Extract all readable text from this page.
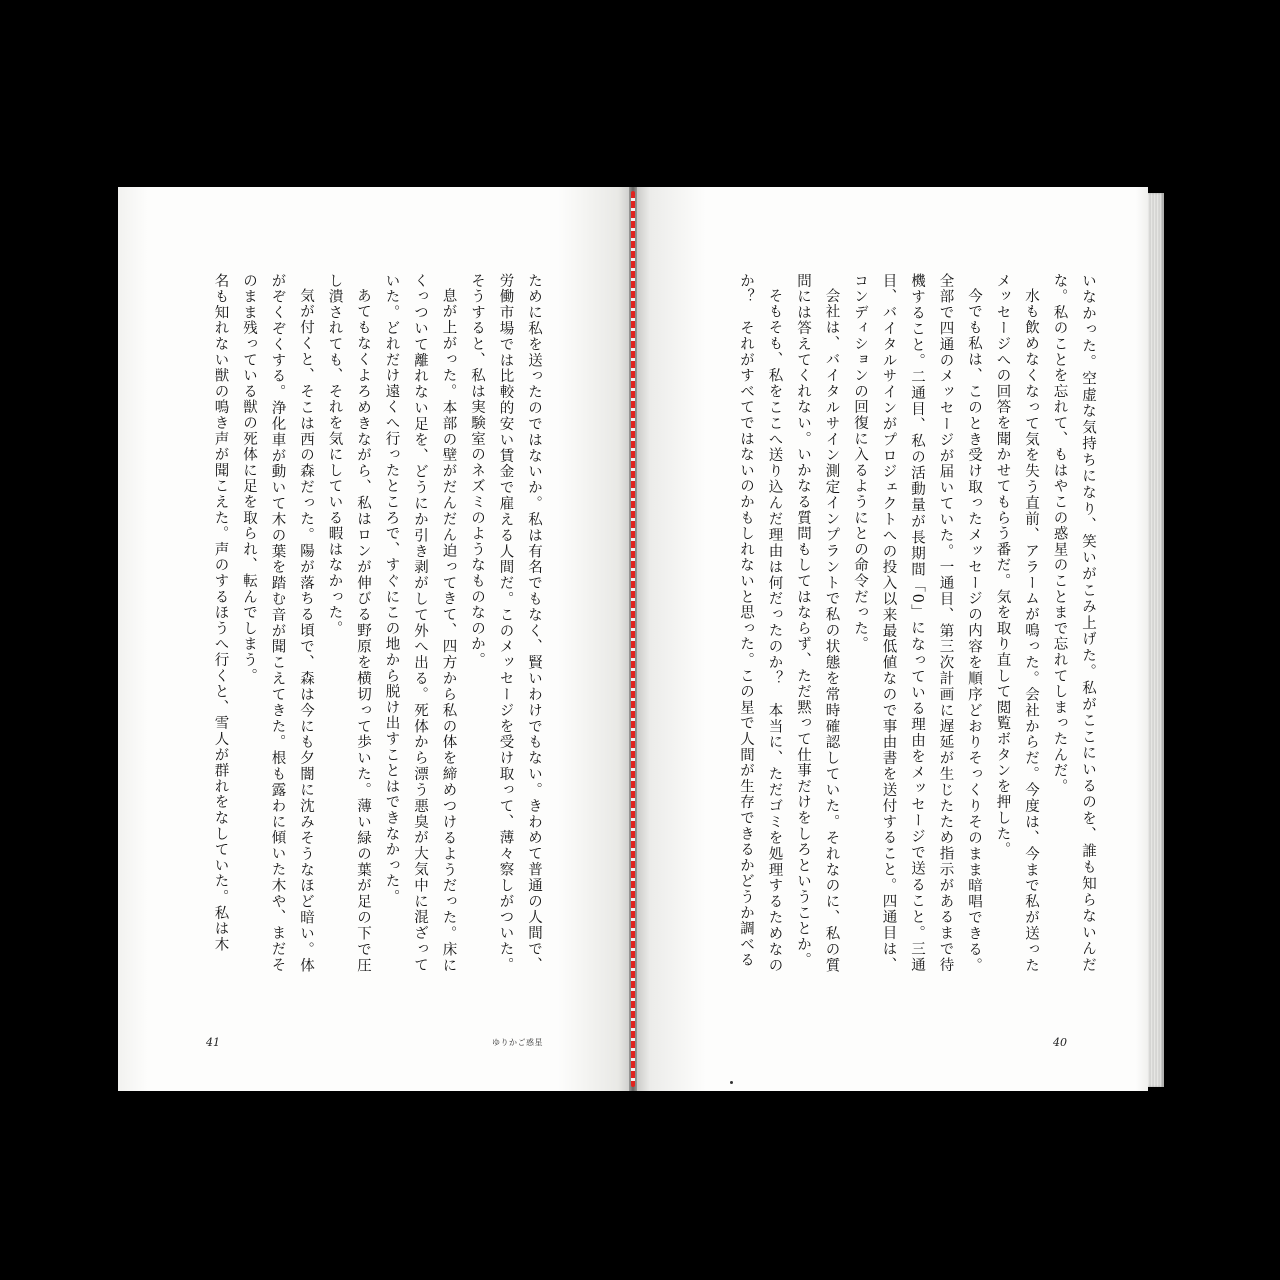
いなかった。空虚な気持ちになり、笑いがこみ上げた。私がここにいるのを、誰も知らないんだな。私のことを忘れて、もはやこの惑星のことまで忘れてしまったんだ。

水も飲めなくなって気を失う直前、アラームが鳴った。会社からだ。今度は、今まで私が送ったメッセージへの回答を聞かせてもらう番だ。気を取り直して閲覧ボタンを押した。

今でも私は、このとき受け取ったメッセージの内容を順序どおりそっくりそのまま暗唱できる。全部で四通のメッセージが届いていた。一通目、第三次計画に遅延が生じたため指示があるまで待機すること。二通目、私の活動量が長期間「0」になっている理由をメッセージで送ること。三通目、バイタルサインがプロジェクトへの投入以来最低値なので事由書を送付すること。四通目は、コンディションの回復に入るようにとの命令だった。

会社は、バイタルサイン測定インプラントで私の状態を常時確認していた。それなのに、私の質問には答えてくれない。いかなる質問もしてはならず、ただ黙って仕事だけをしろということか。

そもそも、私をここへ送り込んだ理由は何だったのか？　本当に、ただゴミを処理するためなのか？　それがすべてではないのかもしれないと思った。この星で人間が生存できるかどうか調べる

ために私を送ったのではないか。私は有名でもなく、賢いわけでもない。きわめて普通の人間で、労働市場では比較的安い賃金で雇える人間だ。このメッセージを受け取って、薄々察しがついた。そうすると、私は実験室のネズミのようなものなのか。

息が上がった。本部の壁がだんだん迫ってきて、四方から私の体を締めつけるようだった。床にくっついて離れない足を、どうにか引き剥がして外へ出る。死体から漂う悪臭が大気中に混ざっていた。どれだけ遠くへ行ったところで、すぐにこの地から脱け出すことはできなかった。

あてもなくよろめきながら、私はロンが伸びる野原を横切って歩いた。薄い緑の葉が足の下で圧し潰されても、それを気にしている暇はなかった。

気が付くと、そこは西の森だった。陽が落ちる頃で、森は今にも夕闇に沈みそうなほど暗い。体がぞくぞくする。浄化車が動いて木の葉を踏む音が聞こえてきた。根も露わに傾いた木や、まだそのまま残っている獣の死体に足を取られ、転んでしまう。

名も知れない獣の鳴き声が聞こえた。声のするほうへ行くと、雪人が群れをなしていた。私は木

41	ゆりかご惑星	40
